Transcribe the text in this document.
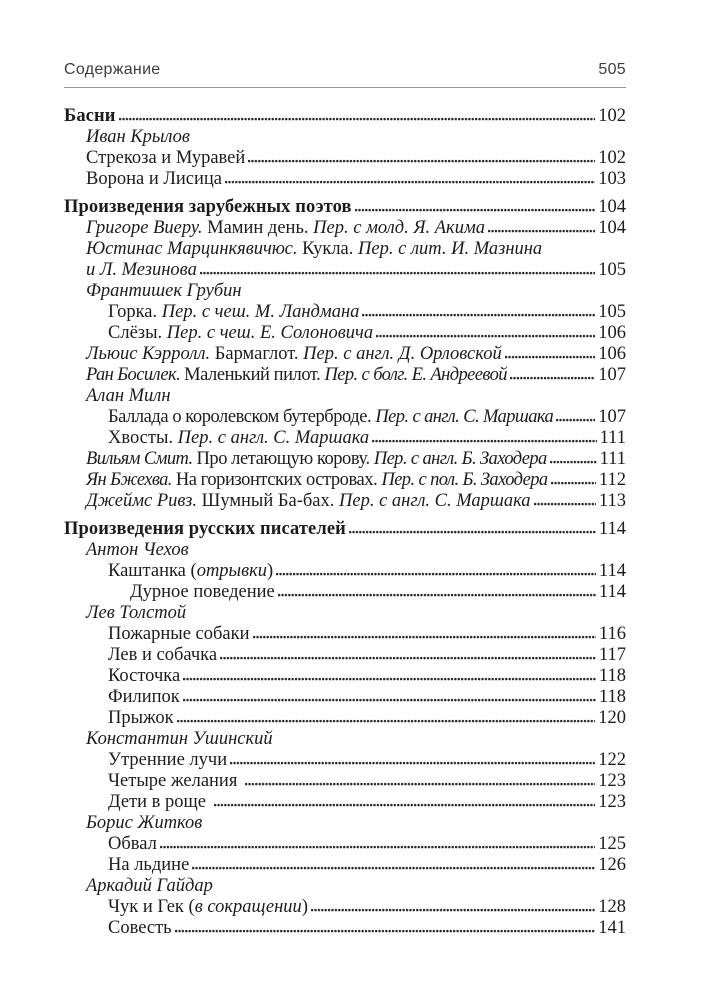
Содержание	505
Басни	102
Иван Крылов
Стрекоза и Муравей	102
Ворона и Лисица	103
Произведения зарубежных поэтов	104
Григоре Виеру. Мамин день. Пер. с молд. Я. Акима	104
Юстинас Марцинкявичюс. Кукла. Пер. с лит. И. Мазнина
и Л. Мезинова	105
Франтишек Грубин
Горка. Пер. с чеш. М. Ландмана	105
Слёзы. Пер. с чеш. Е. Солоновича	106
Льюис Кэрролл. Бармаглот. Пер. с англ. Д. Орловской	106
Ран Босилек. Маленький пилот. Пер. с болг. Е. Андреевой	107
Алан Милн
Баллада о королевском бутерброде. Пер. с англ. С. Маршака 107
Хвосты. Пер. с англ. С. Маршака	111
Вильям Смит. Про летающую корову. Пер. с англ. Б. Заходера	111
Ян Бжехва. На горизонтских островах. Пер. с пол. Б. Заходера	112
Джеймс Ривз. Шумный Ба-бах. Пер. с англ. С. Маршака	113
Произведения русских писателей	114
Антон Чехов
Каштанка (отрывки)	114
Дурное поведение	114
Лев Толстой
Пожарные собаки	116
Лев и собачка	117
Косточка	118
Филипок	118
Прыжок	120
Константин Ушинский
Утренние лучи	122
Четыре желания	123
Дети в роще	123
Борис Житков
Обвал	125
На льдине	126
Аркадий Гайдар
Чук и Гек (в сокращении)	128
Совесть	141
